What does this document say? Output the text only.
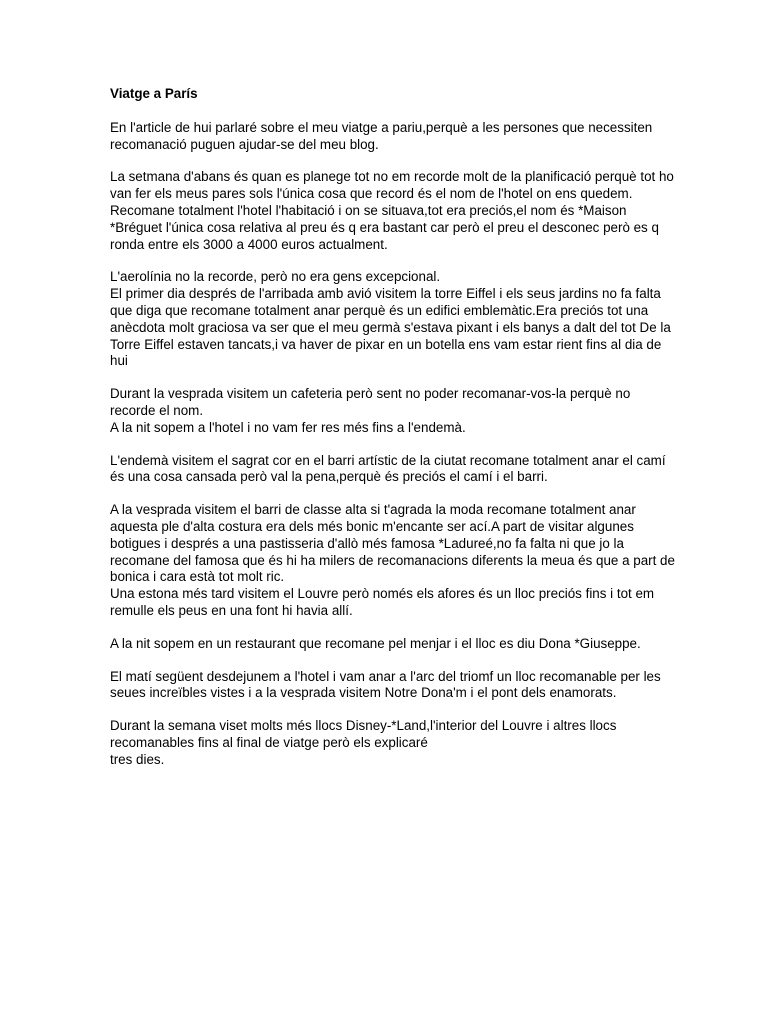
Viatge a París
En l'article de hui parlaré sobre el meu viatge a pariu,perquè a les persones que necessiten
recomanació puguen ajudar-se del meu blog.
La setmana d'abans és quan es planege tot no em recorde molt de la planificació perquè tot ho
van fer els meus pares sols l'única cosa que record és el nom de l'hotel on ens quedem.
Recomane totalment l'hotel l'habitació i on se situava,tot era preciós,el nom és *Maison
*Bréguet l'única cosa relativa al preu és q era bastant car però el preu el desconec però es q
ronda entre els 3000 a 4000 euros actualment.
L'aerolínia no la recorde, però no era gens excepcional.
El primer dia després de l'arribada amb avió visitem la torre Eiffel i els seus jardins no fa falta
que diga que recomane totalment anar perquè és un edifici emblemàtic.Era preciós tot una
anècdota molt graciosa va ser que el meu germà s'estava pixant i els banys a dalt del tot De la
Torre Eiffel estaven tancats,i va haver de pixar en un botella ens vam estar rient fins al dia de
hui
Durant la vesprada visitem un cafeteria però sent no poder recomanar-vos-la perquè no
recorde el nom.
A la nit sopem a l'hotel i no vam fer res més fins a l'endemà.
L'endemà visitem el sagrat cor en el barri artístic de la ciutat recomane totalment anar el camí
és una cosa cansada però val la pena,perquè és preciós el camí i el barri.
A la vesprada visitem el barri de classe alta si t'agrada la moda recomane totalment anar
aquesta ple d'alta costura era dels més bonic m'encante ser ací.A part de visitar algunes
botigues i després a una pastisseria d'allò més famosa *Ladureé,no fa falta ni que jo la
recomane del famosa que és hi ha milers de recomanacions diferents la meua és que a part de
bonica i cara està tot molt ric.
Una estona més tard visitem el Louvre però només els afores és un lloc preciós fins i tot em
remulle els peus en una font hi havia allí.
A la nit sopem en un restaurant que recomane pel menjar i el lloc es diu Dona *Giuseppe.
El matí següent desdejunem a l'hotel i vam anar a l'arc del triomf un lloc recomanable per les
seues increïbles vistes i a la vesprada visitem Notre Dona'm i el pont dels enamorats.
Durant la semana viset molts més llocs Disney-*Land,l'interior del Louvre i altres llocs
recomanables fins al final de viatge però els explicaré
tres dies.
